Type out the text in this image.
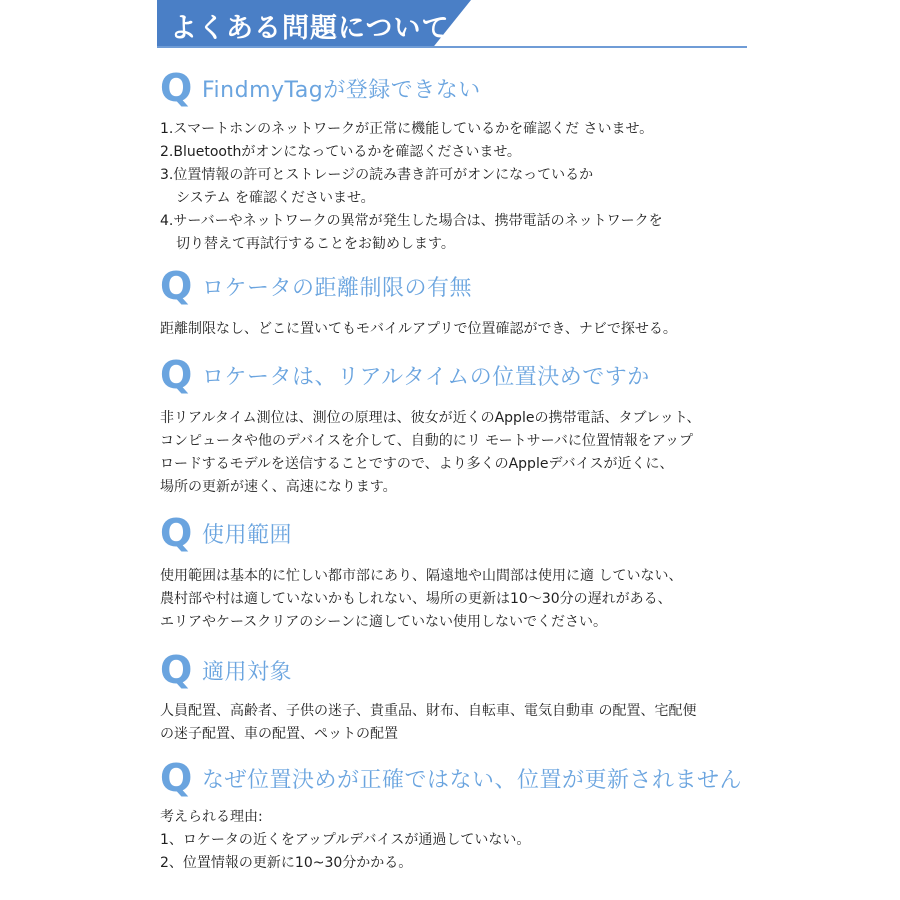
よくある問題について
Q FindmyTagが登録できない

1.スマートホンのネットワークが正常に機能しているかを確認くだ さいませ。

2.Bluetoothがオンになっているかを確認くださいませ。

3.位置情報の許可とストレージの読み書き許可がオンになっているか

システム を確認くださいませ。

4.サーバーやネットワークの異常が発生した場合は、携帯電話のネットワークを

切り替えて再試行することをお勧めします。

Q ロケータの距離制限の有無

距離制限なし、どこに置いてもモバイルアプリで位置確認ができ、ナビで探せる。

Q ロケータは、リアルタイムの位置決めですか

非リアルタイム測位は、測位の原理は、彼女が近くのAppleの携帯電話、タブレット、

コンピュータや他のデバイスを介して、自動的にリ モートサーバに位置情報をアップ

ロードするモデルを送信することですので、より多くのAppleデバイスが近くに、

場所の更新が速く、高速になります。

Q 使用範囲

使用範囲は基本的に忙しい都市部にあり、隔遠地や山間部は使用に適 していない、

農村部や村は適していないかもしれない、場所の更新は10～30分の遅れがある、

エリアやケースクリアのシーンに適していない使用しないでください。

Q 適用対象

人員配置、高齢者、子供の迷子、貴重品、財布、自転車、電気自動車 の配置、宅配便

の迷子配置、車の配置、ペットの配置

Q なぜ位置決めが正確ではない、位置が更新されません

考えられる理由:

1、ロケータの近くをアップルデバイスが通過していない。

2、位置情報の更新に10~30分かかる。
